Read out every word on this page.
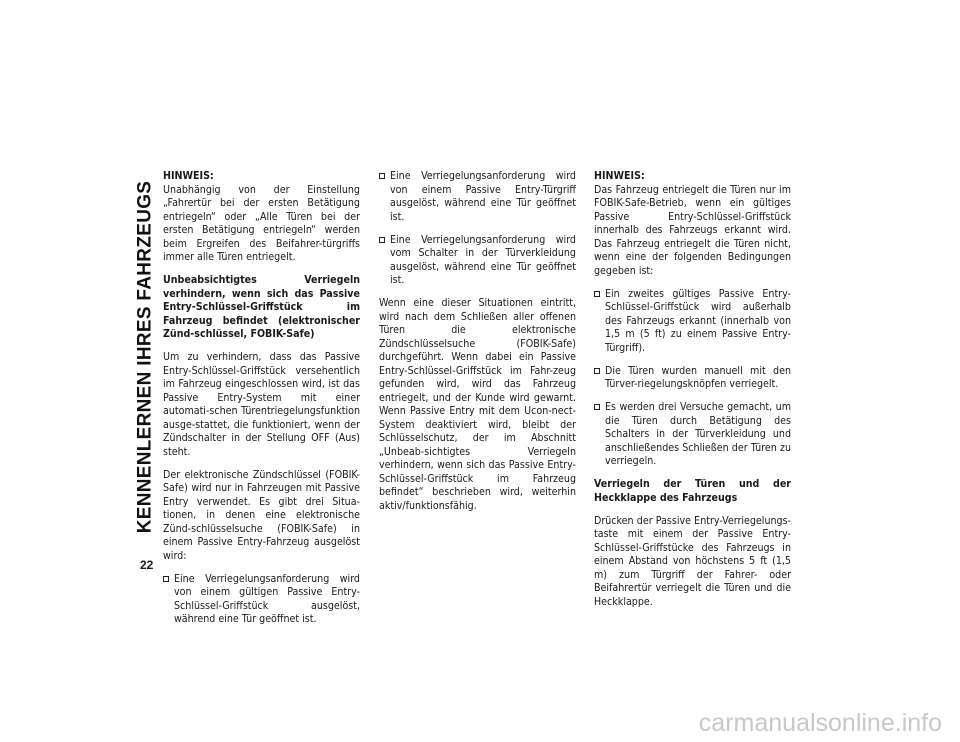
KENNENLERNEN IHRES FAHRZEUGS
22

HINWEIS:

Unabhängig von der Einstellung „Fahrertür bei der ersten Betätigung entriegeln“ oder „Alle Türen bei der ersten Betätigung entriegeln“ werden beim Ergreifen des Beifahrer-türgriffs immer alle Türen entriegelt.

Unbeabsichtigtes Verriegeln verhindern, wenn sich das Passive Entry-Schlüssel-Griffstück im Fahrzeug befindet (elektronischer Zünd-schlüssel, FOBIK-Safe)

Um zu verhindern, dass das Passive Entry-Schlüssel-Griffstück versehentlich im Fahrzeug eingeschlossen wird, ist das Passive Entry-System mit einer automati-schen Türentriegelungsfunktion ausge-stattet, die funktioniert, wenn der Zündschalter in der Stellung OFF (Aus) steht.

Der elektronische Zündschlüssel (FOBIK-Safe) wird nur in Fahrzeugen mit Passive Entry verwendet. Es gibt drei Situa-tionen, in denen eine elektronische Zünd-schlüsselsuche (FOBIK-Safe) in einem Passive Entry-Fahrzeug ausgelöst wird:

Eine Verriegelungsanforderung wird von einem gültigen Passive Entry-Schlüssel-Griffstück ausgelöst, während eine Tür geöffnet ist.
Eine Verriegelungsanforderung wird von einem Passive Entry-Türgriff ausgelöst, während eine Tür geöffnet ist.
Eine Verriegelungsanforderung wird vom Schalter in der Türverkleidung ausgelöst, während eine Tür geöffnet ist.

Wenn eine dieser Situationen eintritt, wird nach dem Schließen aller offenen Türen die elektronische Zündschlüsselsuche (FOBIK-Safe) durchgeführt. Wenn dabei ein Passive Entry-Schlüssel-Griffstück im Fahr-zeug gefunden wird, wird das Fahrzeug entriegelt, und der Kunde wird gewarnt. Wenn Passive Entry mit dem Ucon-nect-System deaktiviert wird, bleibt der Schlüsselschutz, der im Abschnitt „Unbeab-sichtigtes Verriegeln verhindern, wenn sich das Passive Entry-Schlüssel-Griffstück im Fahrzeug befindet“ beschrieben wird, weiterhin aktiv/funktionsfähig.

HINWEIS:

Das Fahrzeug entriegelt die Türen nur im FOBIK-Safe-Betrieb, wenn ein gültiges Passive Entry-Schlüssel-Griffstück innerhalb des Fahrzeugs erkannt wird. Das Fahrzeug entriegelt die Türen nicht, wenn eine der folgenden Bedingungen gegeben ist:

Ein zweites gültiges Passive Entry-Schlüssel-Griffstück wird außerhalb des Fahrzeugs erkannt (innerhalb von 1,5 m (5 ft) zu einem Passive Entry-Türgriff).
Die Türen wurden manuell mit den Türver-riegelungsknöpfen verriegelt.
Es werden drei Versuche gemacht, um die Türen durch Betätigung des Schalters in der Türverkleidung und anschließendes Schließen der Türen zu verriegeln.

Verriegeln der Türen und der Heckklappe des Fahrzeugs

Drücken der Passive Entry-Verriegelungs-taste mit einem der Passive Entry-Schlüssel-Griffstücke des Fahrzeugs in einem Abstand von höchstens 5 ft (1,5 m) zum Türgriff der Fahrer- oder Beifahrertür verriegelt die Türen und die Heckklappe.

carmanualsonline.info
